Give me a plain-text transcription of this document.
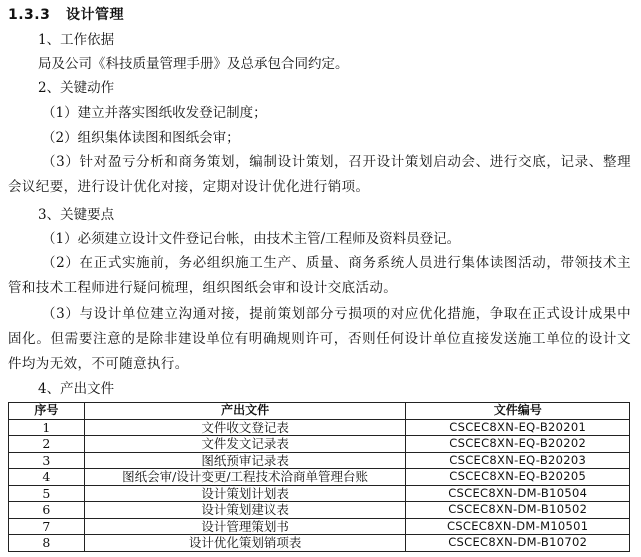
1.3.3 设计管理
1、工作依据
局及公司《科技质量管理手册》及总承包合同约定。
2、关键动作
（1）建立并落实图纸收发登记制度；
（2）组织集体读图和图纸会审；
（3）针对盈亏分析和商务策划，编制设计策划，召开设计策划启动会、进行交底，记录、整理会议纪要，进行设计优化对接，定期对设计优化进行销项。
3、关键要点
（1）必须建立设计文件登记台帐，由技术主管/工程师及资料员登记。
（2）在正式实施前，务必组织施工生产、质量、商务系统人员进行集体读图活动，带领技术主管和技术工程师进行疑问梳理，组织图纸会审和设计交底活动。
（3）与设计单位建立沟通对接，提前策划部分亏损项的对应优化措施，争取在正式设计成果中固化。但需要注意的是除非建设单位有明确规则许可，否则任何设计单位直接发送施工单位的设计文件均为无效，不可随意执行。
4、产出文件
序号	产出文件	文件编号
1	文件收文登记表	CSCEC8XN-EQ-B20201
2	文件发文记录表	CSCEC8XN-EQ-B20202
3	图纸预审记录表	CSCEC8XN-EQ-B20203
4	图纸会审/设计变更/工程技术洽商单管理台账	CSCEC8XN-EQ-B20205
5	设计策划计划表	CSCEC8XN-DM-B10504
6	设计策划建议表	CSCEC8XN-DM-B10502
7	设计管理策划书	CSCEC8XN-DM-M10501
8	设计优化策划销项表	CSCEC8XN-DM-B10702
